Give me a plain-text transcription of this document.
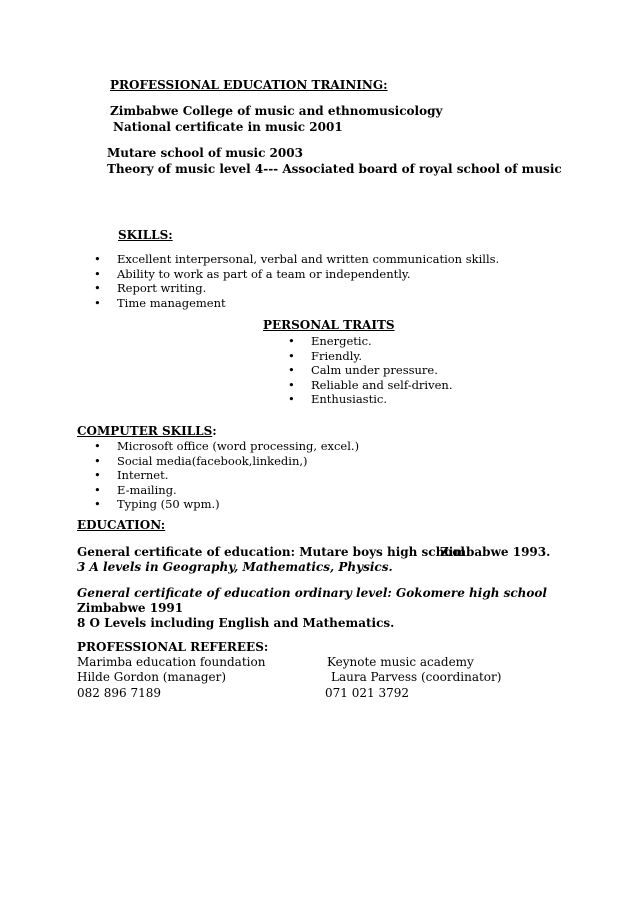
PROFESSIONAL EDUCATION TRAINING:
Zimbabwe College of music and ethnomusicology
National certificate in music 2001
Mutare school of music 2003
Theory of music level 4--- Associated board of royal school of music
SKILLS:
• Excellent interpersonal, verbal and written communication skills.
• Ability to work as part of a team or independently.
• Report writing.
• Time management
PERSONAL TRAITS
• Energetic.
• Friendly.
• Calm under pressure.
• Reliable and self-driven.
• Enthusiastic.
COMPUTER SKILLS:
• Microsoft office (word processing, excel.)
• Social media(facebook,linkedin,)
• Internet.
• E-mailing.
• Typing (50 wpm.)
EDUCATION:
General certificate of education: Mutare boys high school
Zimbabwe 1993.
3 A levels in Geography, Mathematics, Physics.
General certificate of education ordinary level: Gokomere high school
Zimbabwe 1991
8 O Levels including English and Mathematics.
PROFESSIONAL REFEREES:
Marimba education foundation
Hilde Gordon (manager)
082 896 7189
Keynote music academy
Laura Parvess (coordinator)
071 021 3792
